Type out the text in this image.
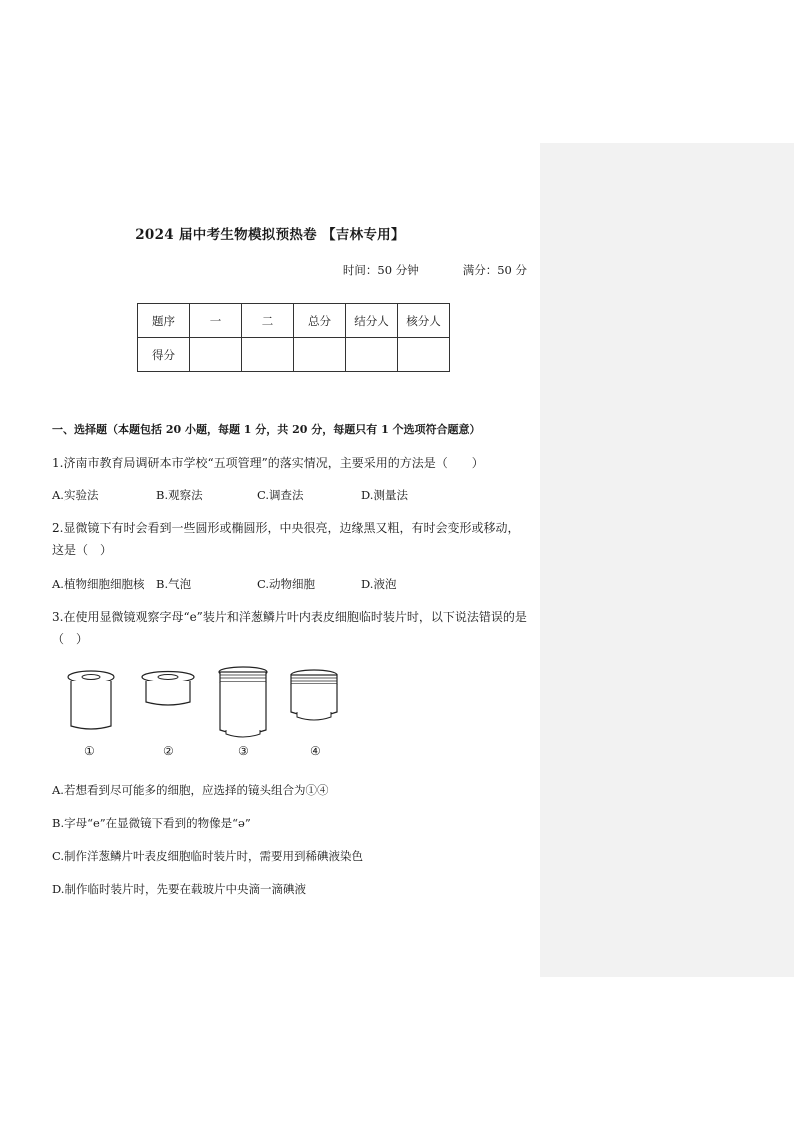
2024 届中考生物模拟预热卷 【吉林专用】
时间：50 分钟	满分：50 分
题序	一	二	总分	结分人	核分人
得分					
一、选择题（本题包括 20 小题，每题 1 分，共 20 分，每题只有 1 个选项符合题意）
1.济南市教育局调研本市学校“五项管理”的落实情况，主要采用的方法是（　　）
A.实验法	B.观察法	C.调查法	D.测量法
2.显微镜下有时会看到一些圆形或椭圆形，中央很亮，边缘黑又粗，有时会变形或移动，这是（　）
A.植物细胞细胞核 B.气泡	C.动物细胞	D.液泡
3.在使用显微镜观察字母“e”装片和洋葱鳞片叶内表皮细胞临时装片时，以下说法错误的是（　）
①	②	③	④
A.若想看到尽可能多的细胞，应选择的镜头组合为①④
B.字母“e”在显微镜下看到的物像是“ə”
C.制作洋葱鳞片叶表皮细胞临时装片时，需要用到稀碘液染色
D.制作临时装片时，先要在载玻片中央滴一滴碘液
